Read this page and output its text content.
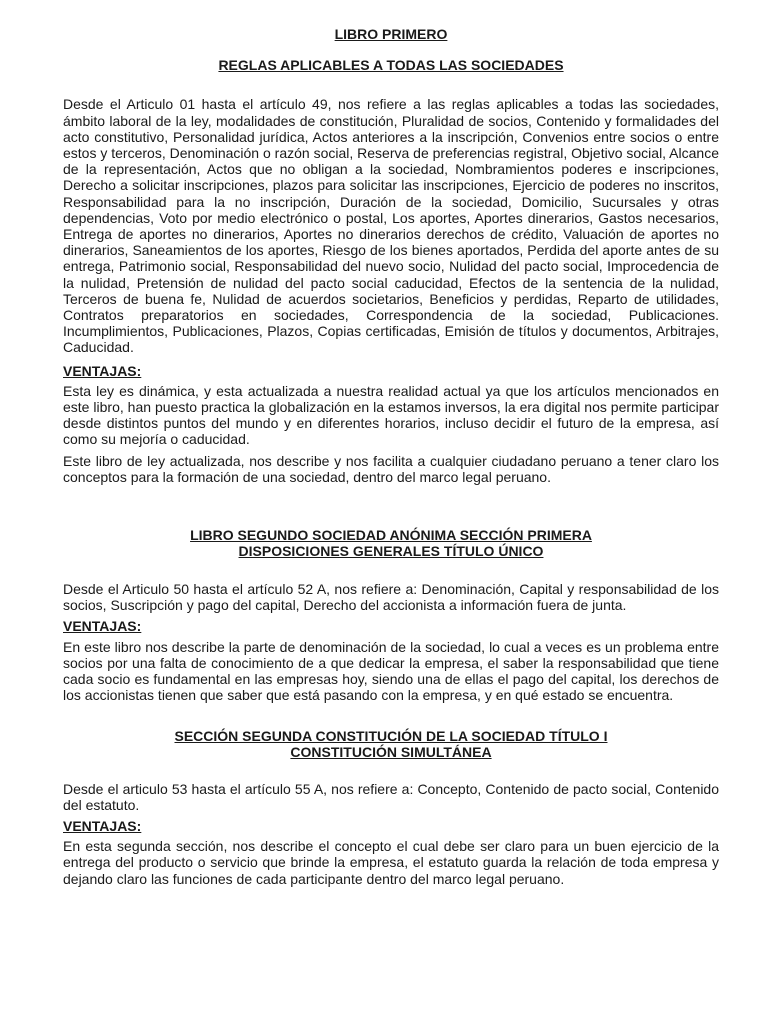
LIBRO PRIMERO

REGLAS APLICABLES A TODAS LAS SOCIEDADES

Desde el Articulo 01 hasta el artículo 49, nos refiere a las reglas aplicables a todas las sociedades, ámbito laboral de la ley, modalidades de constitución, Pluralidad de socios, Contenido y formalidades del acto constitutivo, Personalidad jurídica, Actos anteriores a la inscripción, Convenios entre socios o entre estos y terceros, Denominación o razón social, Reserva de preferencias registral, Objetivo social, Alcance de la representación, Actos que no obligan a la sociedad, Nombramientos poderes e inscripciones, Derecho a solicitar inscripciones, plazos para solicitar las inscripciones, Ejercicio de poderes no inscritos, Responsabilidad para la no inscripción, Duración de la sociedad, Domicilio, Sucursales y otras dependencias, Voto por medio electrónico o postal, Los aportes, Aportes dinerarios, Gastos necesarios, Entrega de aportes no dinerarios, Aportes no dinerarios derechos de crédito, Valuación de aportes no dinerarios, Saneamientos de los aportes, Riesgo de los bienes aportados, Perdida del aporte antes de su entrega, Patrimonio social, Responsabilidad del nuevo socio, Nulidad del pacto social, Improcedencia de la nulidad, Pretensión de nulidad del pacto social caducidad, Efectos de la sentencia de la nulidad, Terceros de buena fe, Nulidad de acuerdos societarios, Beneficios y perdidas, Reparto de utilidades, Contratos preparatorios en sociedades, Correspondencia de la sociedad, Publicaciones. Incumplimientos, Publicaciones, Plazos, Copias certificadas, Emisión de títulos y documentos, Arbitrajes, Caducidad.

VENTAJAS:

Esta ley es dinámica, y esta actualizada a nuestra realidad actual ya que los artículos mencionados en este libro, han puesto practica la globalización en la estamos inversos, la era digital nos permite participar desde distintos puntos del mundo y en diferentes horarios, incluso decidir el futuro de la empresa, así como su mejoría o caducidad.

Este libro de ley actualizada, nos describe y nos facilita a cualquier ciudadano peruano a tener claro los conceptos para la formación de una sociedad, dentro del marco legal peruano.

LIBRO SEGUNDO SOCIEDAD ANÓNIMA SECCIÓN PRIMERA

DISPOSICIONES GENERALES TÍTULO ÚNICO

Desde el Articulo 50 hasta el artículo 52 A, nos refiere a: Denominación, Capital y responsabilidad de los socios, Suscripción y pago del capital, Derecho del accionista a información fuera de junta.

VENTAJAS:

En este libro nos describe la parte de denominación de la sociedad, lo cual a veces es un problema entre socios por una falta de conocimiento de a que dedicar la empresa, el saber la responsabilidad que tiene cada socio es fundamental en las empresas hoy, siendo una de ellas el pago del capital, los derechos de los accionistas tienen que saber que está pasando con la empresa, y en qué estado se encuentra.

SECCIÓN SEGUNDA CONSTITUCIÓN DE LA SOCIEDAD TÍTULO I

CONSTITUCIÓN SIMULTÁNEA

Desde el articulo 53 hasta el artículo 55 A, nos refiere a: Concepto, Contenido de pacto social, Contenido del estatuto.

VENTAJAS:

En esta segunda sección, nos describe el concepto el cual debe ser claro para un buen ejercicio de la entrega del producto o servicio que brinde la empresa, el estatuto guarda la relación de toda empresa y dejando claro las funciones de cada participante dentro del marco legal peruano.
